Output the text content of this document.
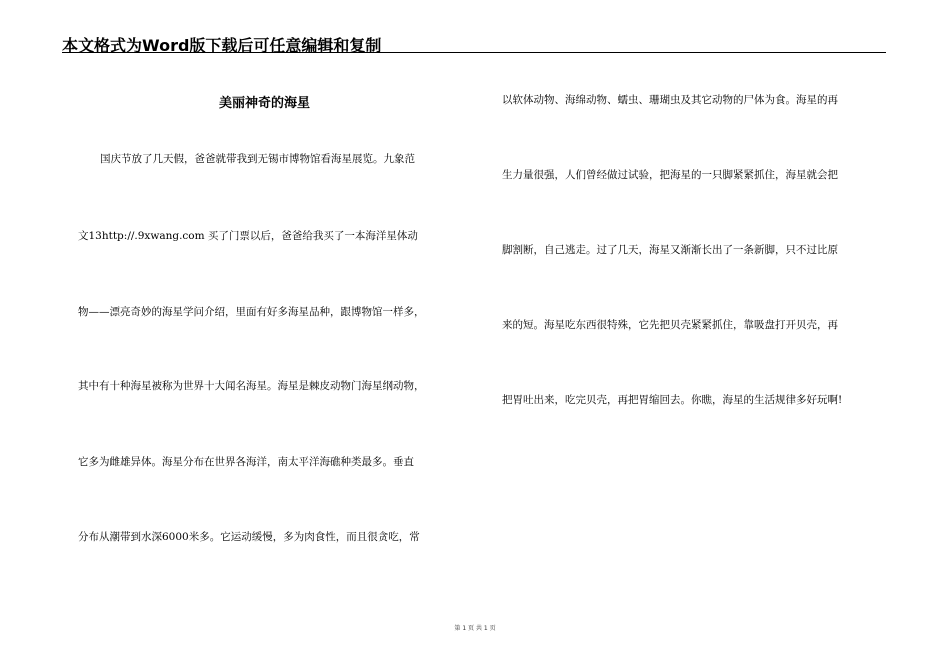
本文格式为Word版下载后可任意编辑和复制
美丽神奇的海星
国庆节放了几天假，爸爸就带我到无锡市博物馆看海星展览。九象范
文13http://.9xwang.com 买了门票以后，爸爸给我买了一本海洋星体动
物——漂亮奇妙的海星学问介绍，里面有好多海星品种，跟博物馆一样多，
其中有十种海星被称为世界十大闻名海星。海星是棘皮动物门海星纲动物，
它多为雌雄异体。海星分布在世界各海洋，南太平洋海礁种类最多。垂直
分布从潮带到水深6000米多。它运动缓慢，多为肉食性，而且很贪吃，常
以软体动物、海绵动物、蠕虫、珊瑚虫及其它动物的尸体为食。海星的再
生力量很强，人们曾经做过试验，把海星的一只脚紧紧抓住，海星就会把
脚割断，自己逃走。过了几天，海星又渐渐长出了一条新脚，只不过比原
来的短。海星吃东西很特殊，它先把贝壳紧紧抓住，靠吸盘打开贝壳，再
把胃吐出来，吃完贝壳，再把胃缩回去。你瞧，海星的生活规律多好玩啊!
第 1 页 共 1 页
